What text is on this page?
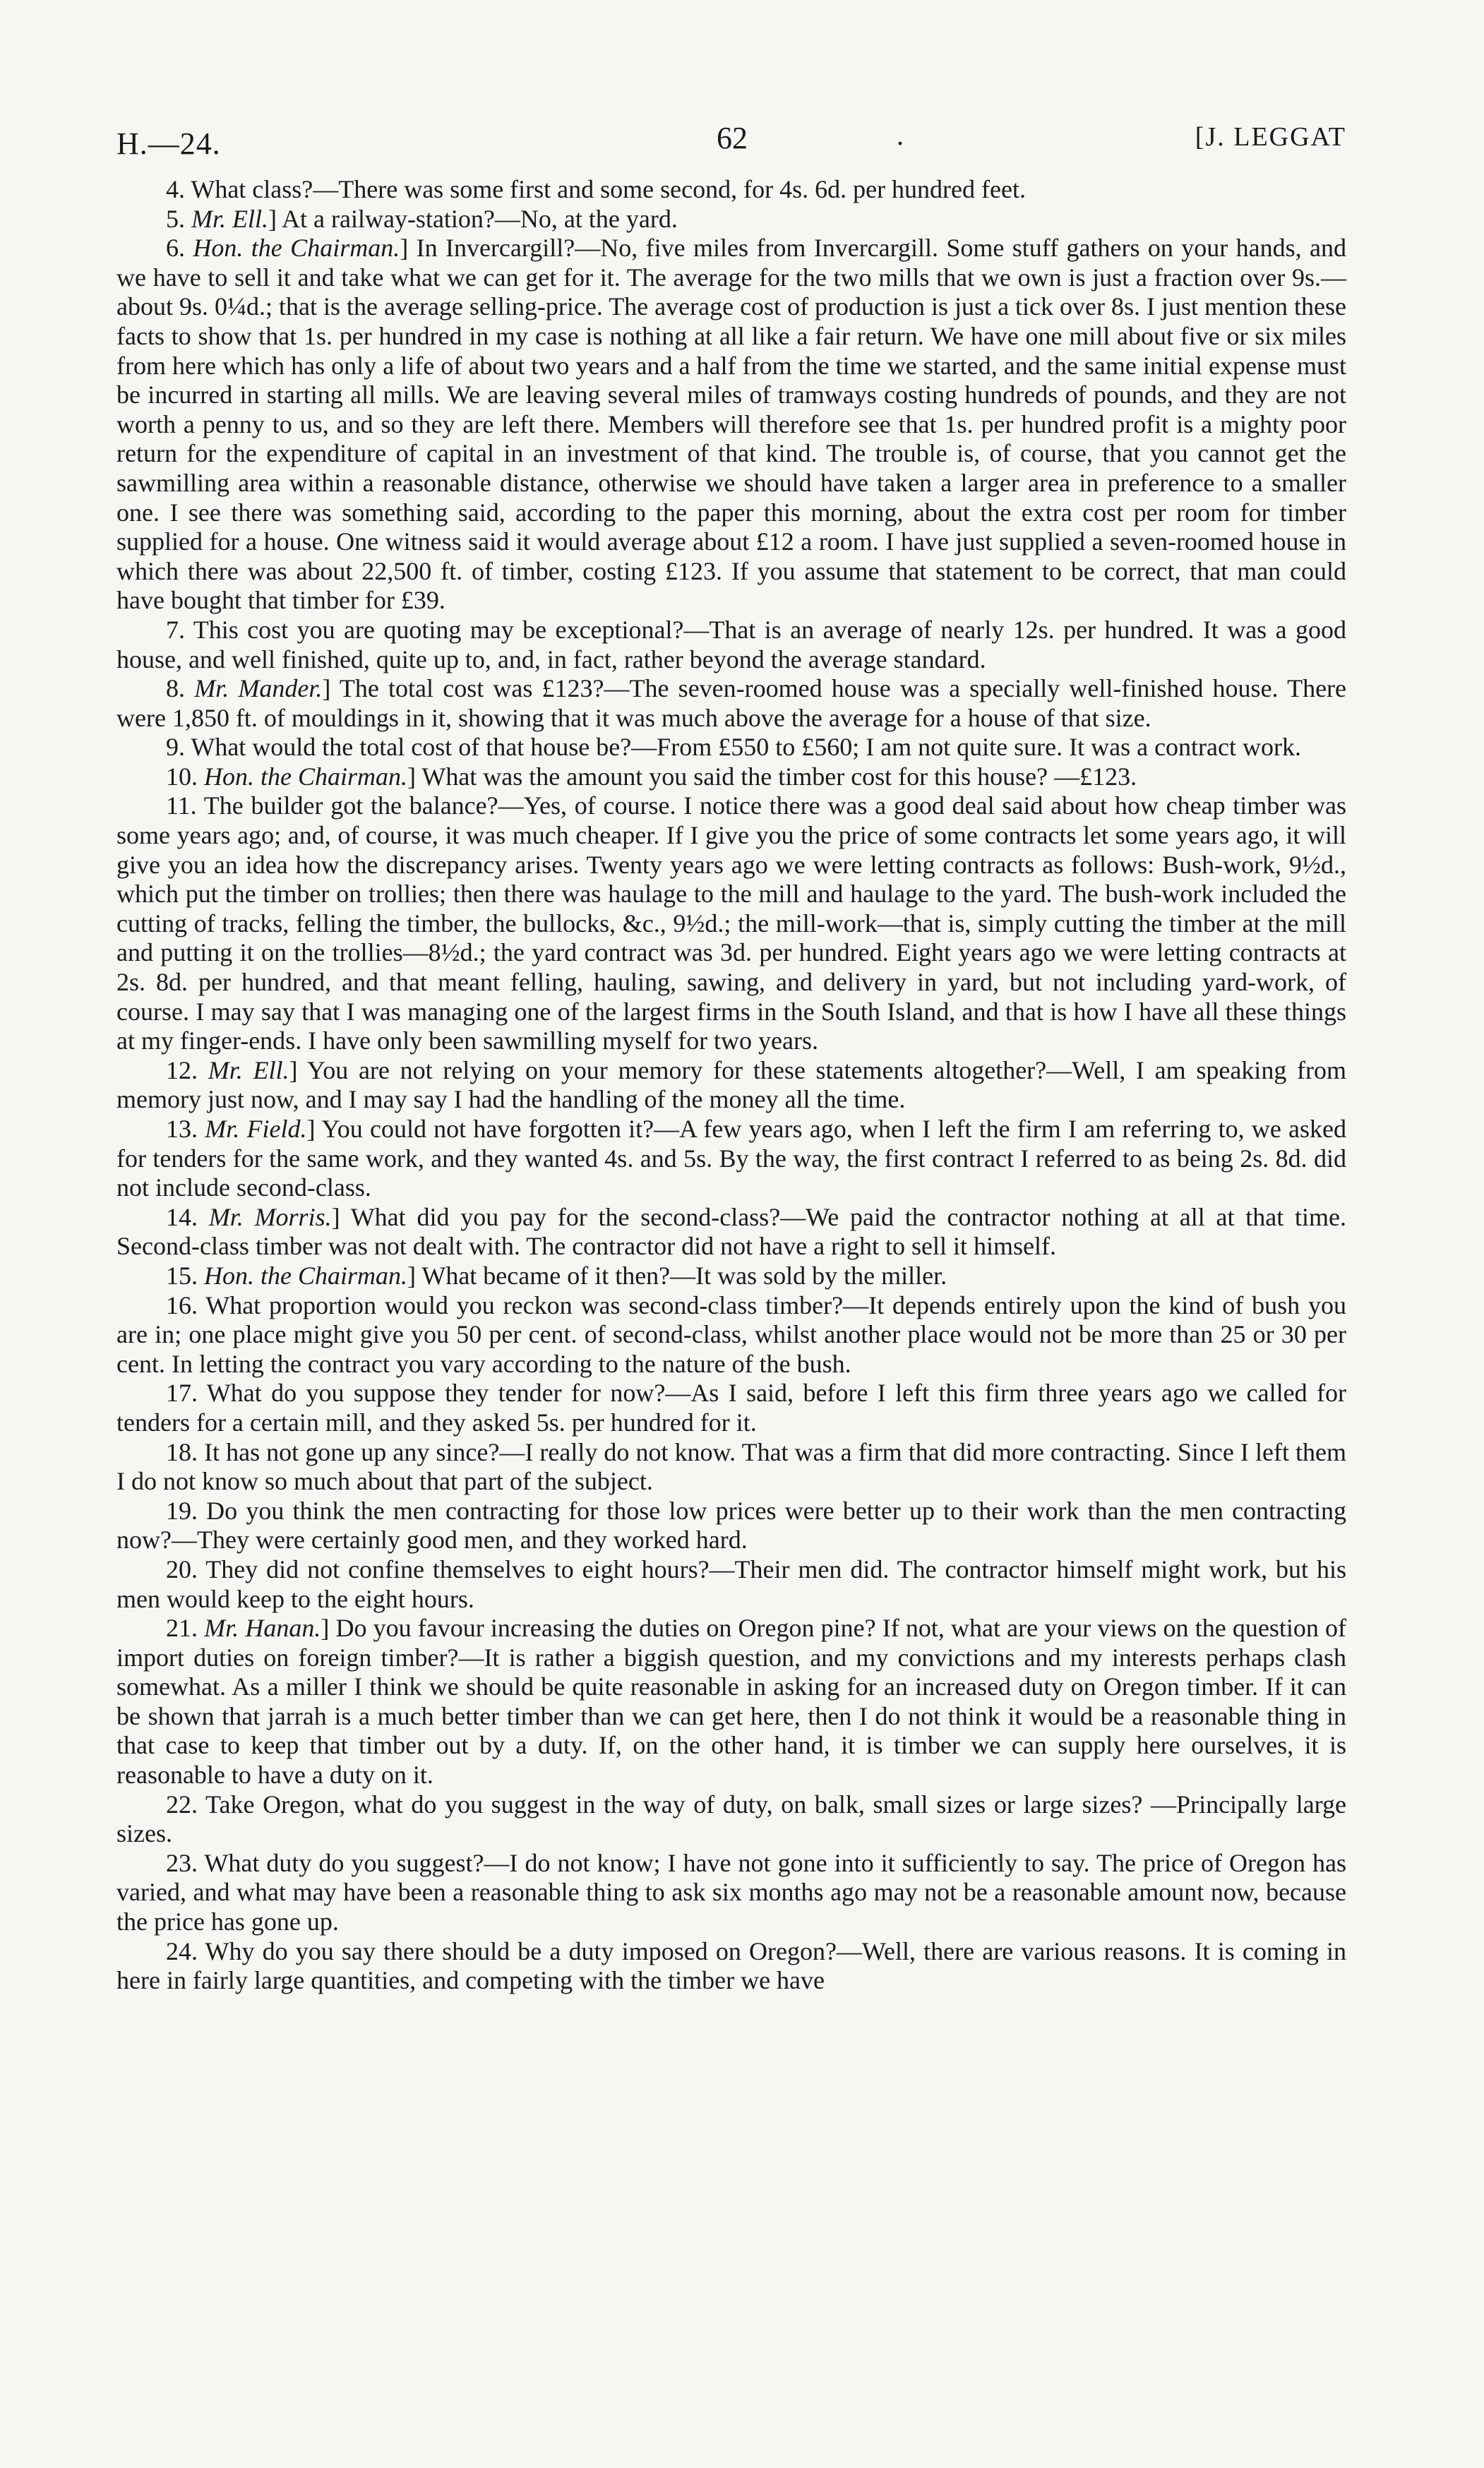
H.—24.	62	.	[J. LEGGAT

4. What class?—There was some first and some second, for 4s. 6d. per hundred feet.

5. Mr. Ell.] At a railway-station?—No, at the yard.

6. Hon. the Chairman.] In Invercargill?—No, five miles from Invercargill. Some stuff gathers on your hands, and we have to sell it and take what we can get for it. The average for the two mills that we own is just a fraction over 9s.—about 9s. 0¼d.; that is the average selling-price. The average cost of production is just a tick over 8s. I just mention these facts to show that 1s. per hundred in my case is nothing at all like a fair return. We have one mill about five or six miles from here which has only a life of about two years and a half from the time we started, and the same initial expense must be incurred in starting all mills. We are leaving several miles of tramways costing hundreds of pounds, and they are not worth a penny to us, and so they are left there. Members will therefore see that 1s. per hundred profit is a mighty poor return for the expenditure of capital in an investment of that kind. The trouble is, of course, that you cannot get the sawmilling area within a reasonable distance, otherwise we should have taken a larger area in preference to a smaller one. I see there was something said, according to the paper this morning, about the extra cost per room for timber supplied for a house. One witness said it would average about £12 a room. I have just supplied a seven-roomed house in which there was about 22,500 ft. of timber, costing £123. If you assume that statement to be correct, that man could have bought that timber for £39.

7. This cost you are quoting may be exceptional?—That is an average of nearly 12s. per hundred. It was a good house, and well finished, quite up to, and, in fact, rather beyond the average standard.

8. Mr. Mander.] The total cost was £123?—The seven-roomed house was a specially well-finished house. There were 1,850 ft. of mouldings in it, showing that it was much above the average for a house of that size.

9. What would the total cost of that house be?—From £550 to £560; I am not quite sure. It was a contract work.

10. Hon. the Chairman.] What was the amount you said the timber cost for this house? —£123.

11. The builder got the balance?—Yes, of course. I notice there was a good deal said about how cheap timber was some years ago; and, of course, it was much cheaper. If I give you the price of some contracts let some years ago, it will give you an idea how the discrepancy arises. Twenty years ago we were letting contracts as follows: Bush-work, 9½d., which put the timber on trollies; then there was haulage to the mill and haulage to the yard. The bush-work included the cutting of tracks, felling the timber, the bullocks, &c., 9½d.; the mill-work—that is, simply cutting the timber at the mill and putting it on the trollies—8½d.; the yard contract was 3d. per hundred. Eight years ago we were letting contracts at 2s. 8d. per hundred, and that meant felling, hauling, sawing, and delivery in yard, but not including yard-work, of course. I may say that I was managing one of the largest firms in the South Island, and that is how I have all these things at my finger-ends. I have only been sawmilling myself for two years.

12. Mr. Ell.] You are not relying on your memory for these statements altogether?—Well, I am speaking from memory just now, and I may say I had the handling of the money all the time.

13. Mr. Field.] You could not have forgotten it?—A few years ago, when I left the firm I am referring to, we asked for tenders for the same work, and they wanted 4s. and 5s. By the way, the first contract I referred to as being 2s. 8d. did not include second-class.

14. Mr. Morris.] What did you pay for the second-class?—We paid the contractor nothing at all at that time. Second-class timber was not dealt with. The contractor did not have a right to sell it himself.

15. Hon. the Chairman.] What became of it then?—It was sold by the miller.

16. What proportion would you reckon was second-class timber?—It depends entirely upon the kind of bush you are in; one place might give you 50 per cent. of second-class, whilst another place would not be more than 25 or 30 per cent. In letting the contract you vary according to the nature of the bush.

17. What do you suppose they tender for now?—As I said, before I left this firm three years ago we called for tenders for a certain mill, and they asked 5s. per hundred for it.

18. It has not gone up any since?—I really do not know. That was a firm that did more contracting. Since I left them I do not know so much about that part of the subject.

19. Do you think the men contracting for those low prices were better up to their work than the men contracting now?—They were certainly good men, and they worked hard.

20. They did not confine themselves to eight hours?—Their men did. The contractor himself might work, but his men would keep to the eight hours.

21. Mr. Hanan.] Do you favour increasing the duties on Oregon pine? If not, what are your views on the question of import duties on foreign timber?—It is rather a biggish question, and my convictions and my interests perhaps clash somewhat. As a miller I think we should be quite reasonable in asking for an increased duty on Oregon timber. If it can be shown that jarrah is a much better timber than we can get here, then I do not think it would be a reasonable thing in that case to keep that timber out by a duty. If, on the other hand, it is timber we can supply here ourselves, it is reasonable to have a duty on it.

22. Take Oregon, what do you suggest in the way of duty, on balk, small sizes or large sizes? —Principally large sizes.

23. What duty do you suggest?—I do not know; I have not gone into it sufficiently to say. The price of Oregon has varied, and what may have been a reasonable thing to ask six months ago may not be a reasonable amount now, because the price has gone up.

24. Why do you say there should be a duty imposed on Oregon?—Well, there are various reasons. It is coming in here in fairly large quantities, and competing with the timber we have
